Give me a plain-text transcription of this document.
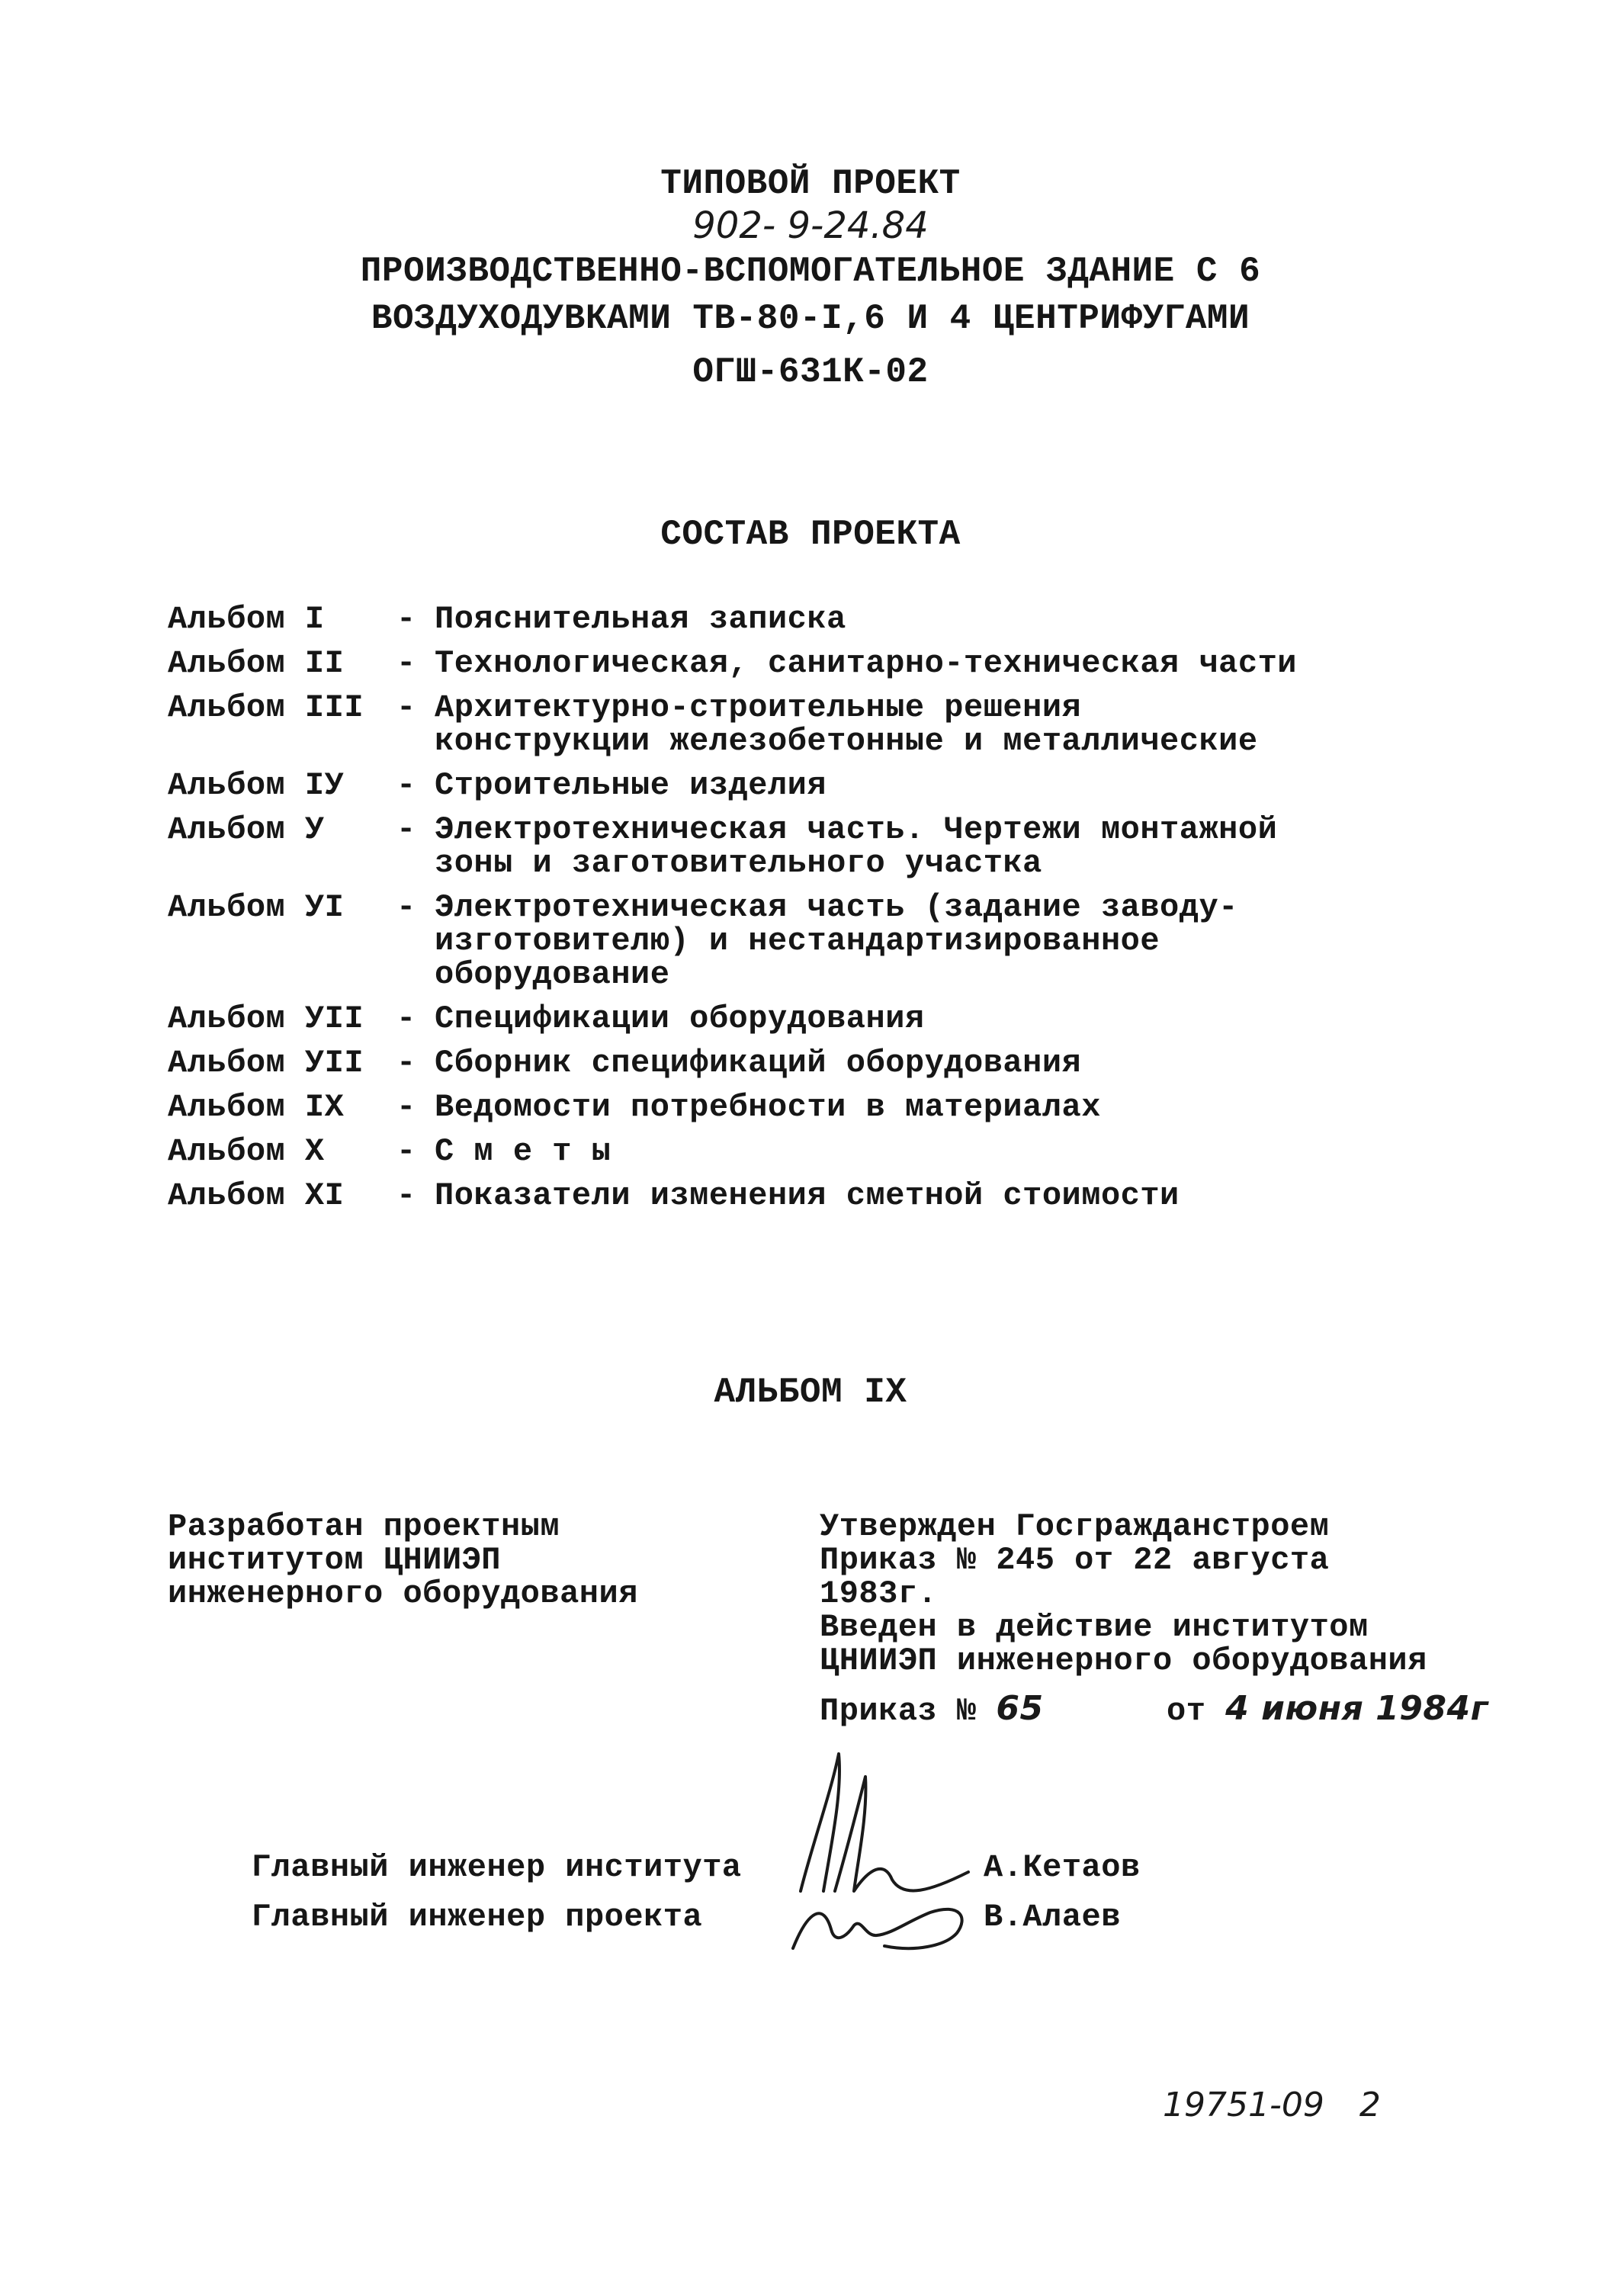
ТИПОВОЙ ПРОЕКТ
902- 9-24.84
ПРОИЗВОДСТВЕННО-ВСПОМОГАТЕЛЬНОЕ ЗДАНИЕ С 6
ВОЗДУХОДУВКАМИ ТВ-80-I,6 И 4 ЦЕНТРИФУГАМИ
ОГШ-631К-02
СОСТАВ ПРОЕКТА
Альбом I	- Пояснительная записка
Альбом II	- Технологическая, санитарно-техническая части
Альбом III	- Архитектурно-строительные решения
конструкции железобетонные и металлические
Альбом IУ	- Строительные изделия
Альбом У	- Электротехническая часть. Чертежи монтажной
зоны и заготовительного участка
Альбом УI	- Электротехническая часть (задание заводу-
изготовителю) и нестандартизированное
оборудование
Альбом УII	- Спецификации оборудования
Альбом УII	- Сборник спецификаций оборудования
Альбом IX	- Ведомости потребности в материалах
Альбом X	- С м е т ы
Альбом XI	- Показатели изменения сметной стоимости
АЛЬБОМ IX
Разработан проектным
институтом ЦНИИЭП
инженерного оборудования
Утвержден Госгражданстроем
Приказ № 245 от 22 августа
1983г.
Введен в действие институтом
ЦНИИЭП инженерного оборудования
Приказ № 65	от 4 июня 1984г
Главный инженер института	А.Кетаов
Главный инженер проекта	В.Алаев
19751-09 2
